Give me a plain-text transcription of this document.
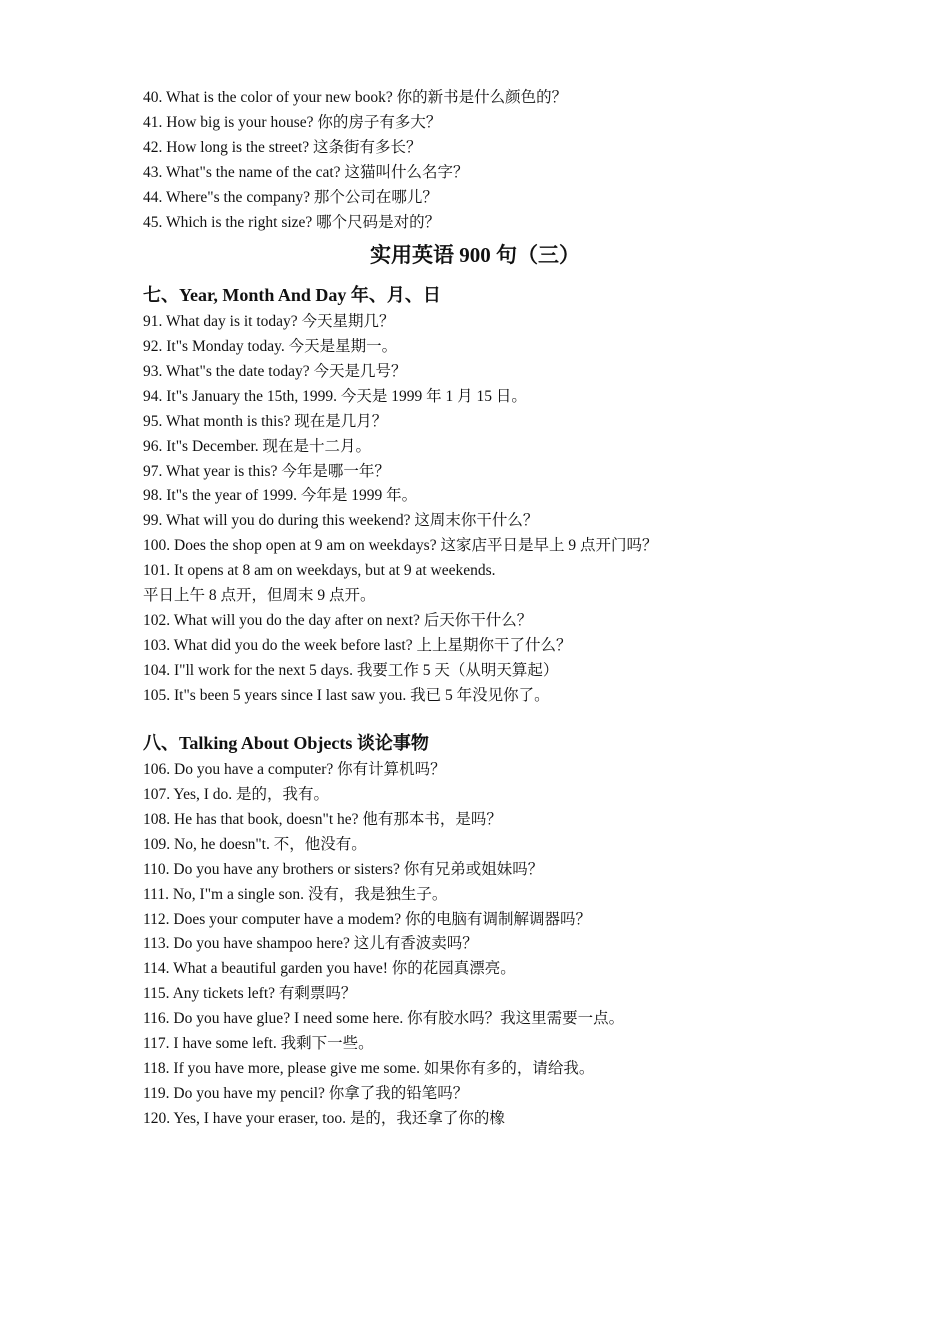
40. What is the color of your new book? 你的新书是什么颜色的？
41. How big is your house? 你的房子有多大？
42. How long is the street? 这条街有多长？
43. What"s the name of the cat? 这猫叫什么名字？
44. Where"s the company? 那个公司在哪儿？
45. Which is the right size? 哪个尺码是对的？
实用英语 900 句（三）
七、Year, Month And Day 年、月、日
91. What day is it today? 今天星期几？
92. It"s Monday today. 今天是星期一。
93. What"s the date today? 今天是几号？
94. It"s January the 15th, 1999. 今天是 1999 年 1 月 15 日。
95. What month is this? 现在是几月？
96. It"s December. 现在是十二月。
97. What year is this? 今年是哪一年？
98. It"s the year of 1999. 今年是 1999 年。
99. What will you do during this weekend? 这周末你干什么？
100. Does the shop open at 9 am on weekdays? 这家店平日是早上 9 点开门吗？
101. It opens at 8 am on weekdays, but at 9 at weekends.
平日上午 8 点开，但周末 9 点开。
102. What will you do the day after on next? 后天你干什么？
103. What did you do the week before last? 上上星期你干了什么？
104. I"ll work for the next 5 days. 我要工作 5 天（从明天算起）
105. It"s been 5 years since I last saw you. 我已 5 年没见你了。
八、Talking About Objects 谈论事物
106. Do you have a computer? 你有计算机吗？
107. Yes, I do. 是的，我有。
108. He has that book, doesn"t he? 他有那本书，是吗？
109. No, he doesn"t. 不，他没有。
110. Do you have any brothers or sisters? 你有兄弟或姐妹吗？
111. No, I"m a single son. 没有，我是独生子。
112. Does your computer have a modem? 你的电脑有调制解调器吗？
113. Do you have shampoo here? 这儿有香波卖吗？
114. What a beautiful garden you have! 你的花园真漂亮。
115. Any tickets left? 有剩票吗？
116. Do you have glue? I need some here. 你有胶水吗？我这里需要一点。
117. I have some left. 我剩下一些。
118. If you have more, please give me some. 如果你有多的，请给我。
119. Do you have my pencil? 你拿了我的铅笔吗？
120. Yes, I have your eraser, too. 是的，我还拿了你的橡
